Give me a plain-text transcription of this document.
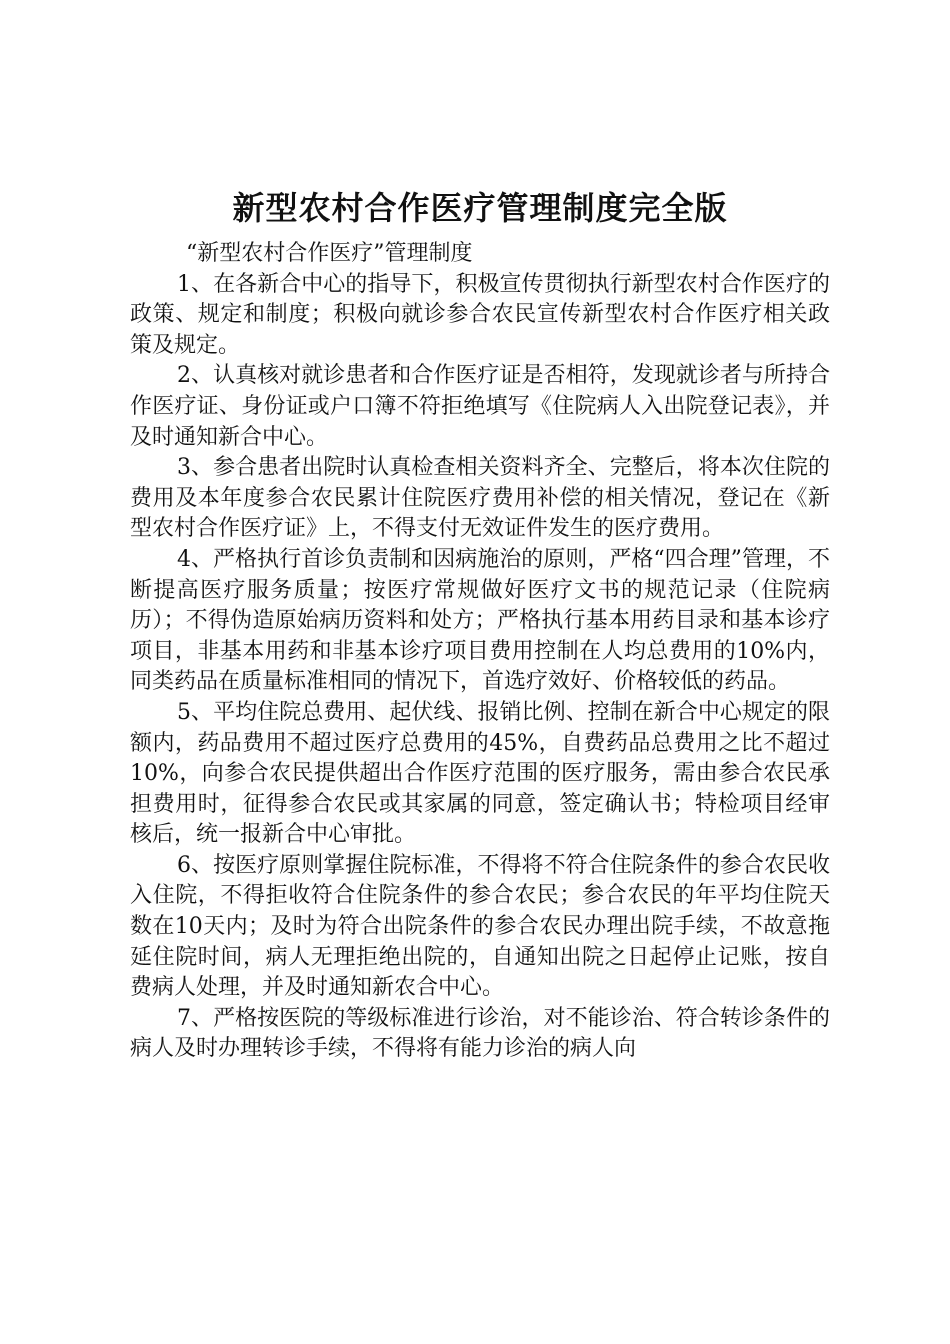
新型农村合作医疗管理制度完全版

“新型农村合作医疗”管理制度

1、在各新合中心的指导下，积极宣传贯彻执行新型农村合作医疗的政策、规定和制度；积极向就诊参合农民宣传新型农村合作医疗相关政策及规定。

2、认真核对就诊患者和合作医疗证是否相符，发现就诊者与所持合作医疗证、身份证或户口簿不符拒绝填写《住院病人入出院登记表》，并及时通知新合中心。

3、参合患者出院时认真检查相关资料齐全、完整后，将本次住院的费用及本年度参合农民累计住院医疗费用补偿的相关情况，登记在《新型农村合作医疗证》上，不得支付无效证件发生的医疗费用。

4、严格执行首诊负责制和因病施治的原则，严格“四合理”管理，不断提高医疗服务质量；按医疗常规做好医疗文书的规范记录（住院病历）；不得伪造原始病历资料和处方；严格执行基本用药目录和基本诊疗项目，非基本用药和非基本诊疗项目费用控制在人均总费用的10%内，同类药品在质量标准相同的情况下，首选疗效好、价格较低的药品。

5、平均住院总费用、起伏线、报销比例、控制在新合中心规定的限额内，药品费用不超过医疗总费用的45%，自费药品总费用之比不超过10%，向参合农民提供超出合作医疗范围的医疗服务，需由参合农民承担费用时，征得参合农民或其家属的同意，签定确认书；特检项目经审核后，统一报新合中心审批。

6、按医疗原则掌握住院标准，不得将不符合住院条件的参合农民收入住院，不得拒收符合住院条件的参合农民；参合农民的年平均住院天数在10天内；及时为符合出院条件的参合农民办理出院手续，不故意拖延住院时间，病人无理拒绝出院的，自通知出院之日起停止记账，按自费病人处理，并及时通知新农合中心。

7、严格按医院的等级标准进行诊治，对不能诊治、符合转诊条件的病人及时办理转诊手续，不得将有能力诊治的病人向
